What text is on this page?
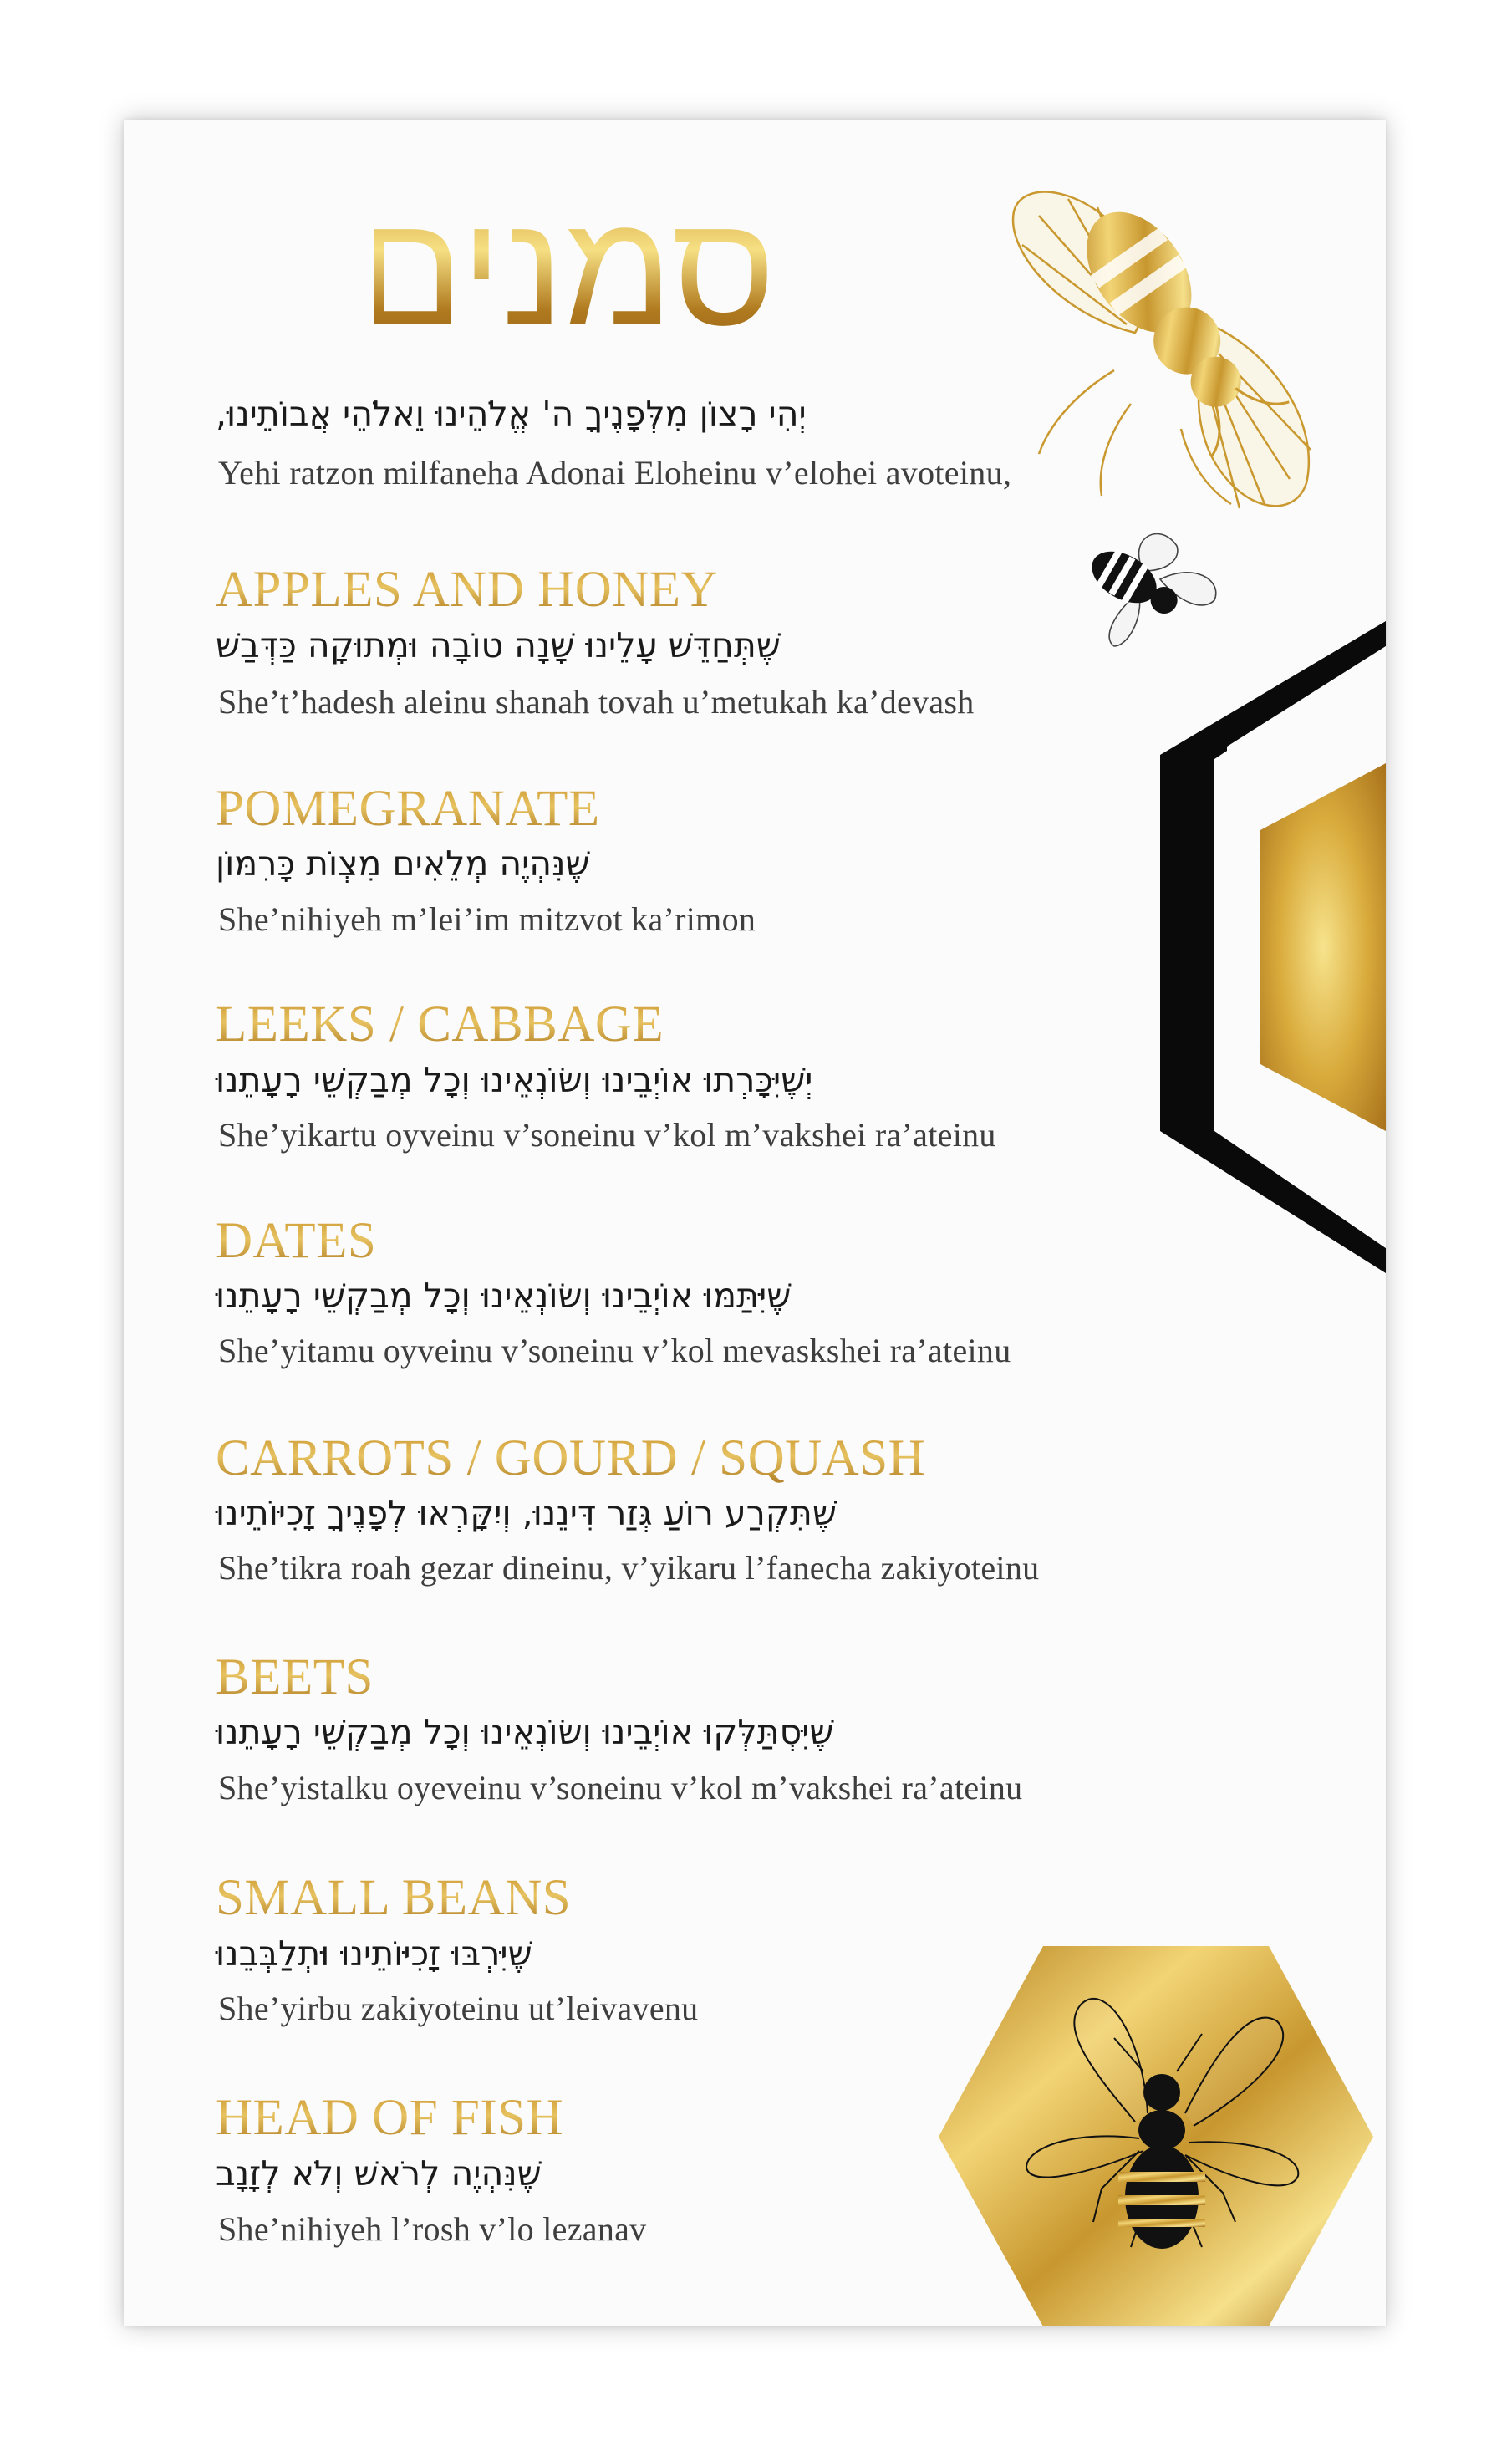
סמנים
יְהִי רָצוֹן מִלְּפָנֶיךָ ה' אֱלֹהֵינוּ וֵאלֹהֵי אֲבוֹתֵינוּ,
Yehi ratzon milfaneha Adonai Eloheinu v’elohei avoteinu,
APPLES AND HONEY
שֶׁתְּחַדֵּשׁ עָלֵינוּ שָׁנָה טוֹבָה וּמְתוּקָה כַּדְּבַשׁ
She’t’hadesh aleinu shanah tovah u’metukah ka’devash
POMEGRANATE
שֶׁנִּהְיֶה מְלֵאִים מִצְוֹת כָּרִמּוֹן
She’nihiyeh m’lei’im mitzvot ka’rimon
LEEKS / CABBAGE
יְשֶׁיִּכָּרְתוּ אוֹיְבֵינוּ וְשׂוֹנְאֵינוּ וְכָל מְבַקְשֵׁי רָעָתֵנוּ
She’yikartu oyveinu v’soneinu v’kol m’vakshei ra’ateinu
DATES
שֶׁיִּתַּמּוּ אוֹיְבֵינוּ וְשׂוֹנְאֵינוּ וְכָל מְבַקְשֵׁי רָעָתֵנוּ
She’yitamu oyveinu v’soneinu v’kol mevaskshei ra’ateinu
CARROTS / GOURD / SQUASH
שֶׁתִּקְרַע רוֹעַ גְּזַר דִּינֵנוּ, וְיִקָּרְאוּ לְפָנֶיךָ זָכִיּוֹתֵינוּ
She’tikra roah gezar dineinu, v’yikaru l’fanecha zakiyoteinu
BEETS
שֶׁיִּסְתַּלְּקוּ אוֹיְבֵינוּ וְשׂוֹנְאֵינוּ וְכָל מְבַקְשֵׁי רָעָתֵנוּ
She’yistalku oyeveinu v’soneinu v’kol m’vakshei ra’ateinu
SMALL BEANS
שֶׁיִּרְבּוּ זָכִיּוֹתֵינוּ וּתְלַבְּבֵנוּ
She’yirbu zakiyoteinu ut’leivavenu
HEAD OF FISH
שֶׁנִּהְיֶה לְרֹאשׁ וְלֹא לְזָנָב
She’nihiyeh l’rosh v’lo lezanav
